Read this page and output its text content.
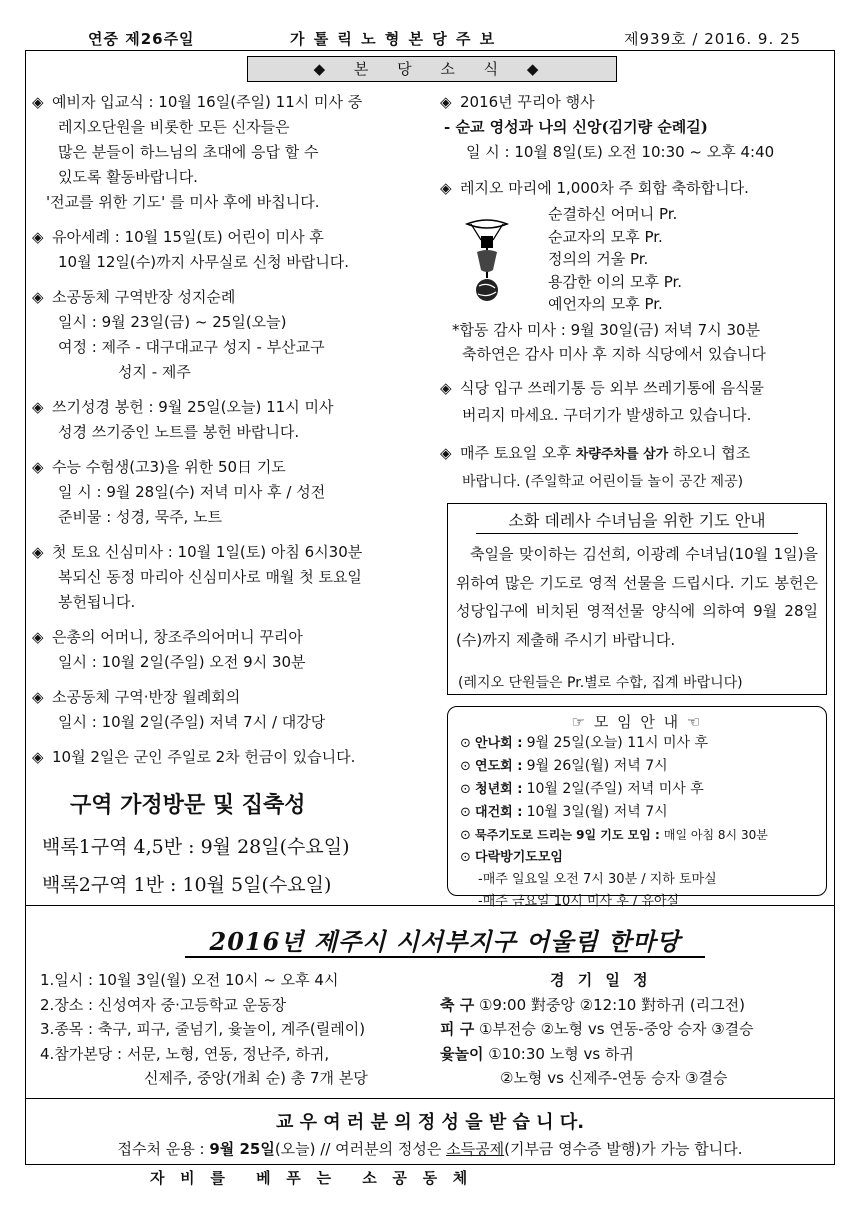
연중 제26주일	가 톨 릭 노 형 본 당 주 보	제939호 / 2016. 9. 25
◆ 본 당 소 식 ◆
◈ 예비자 입교식 : 10월 16일(주일) 11시 미사 중
레지오단원을 비롯한 모든 신자들은
많은 분들이 하느님의 초대에 응답 할 수
있도록 활동바랍니다.
'전교를 위한 기도' 를 미사 후에 바칩니다.
◈ 유아세례 : 10월 15일(토) 어린이 미사 후
10월 12일(수)까지 사무실로 신청 바랍니다.
◈ 소공동체 구역반장 성지순례
일시 : 9월 23일(금) ~ 25일(오늘)
여정 : 제주 - 대구대교구 성지 - 부산교구
성지 - 제주
◈ 쓰기성경 봉헌 : 9월 25일(오늘) 11시 미사
성경 쓰기중인 노트를 봉헌 바랍니다.
◈ 수능 수험생(고3)을 위한 50日 기도
일 시 : 9월 28일(수) 저녁 미사 후 / 성전
준비물 : 성경, 묵주, 노트
◈ 첫 토요 신심미사 : 10월 1일(토) 아침 6시30분
복되신 동정 마리아 신심미사로 매월 첫 토요일
봉헌됩니다.
◈ 은총의 어머니, 창조주의어머니 꾸리아
일시 : 10월 2일(주일) 오전 9시 30분
◈ 소공동체 구역·반장 월례회의
일시 : 10월 2일(주일) 저녁 7시 / 대강당
◈ 10월 2일은 군인 주일로 2차 헌금이 있습니다.
구역 가정방문 및 집축성
백록1구역 4,5반 : 9월 28일(수요일)
백록2구역 1반 : 10월 5일(수요일)
◈ 2016년 꾸리아 행사
- 순교 영성과 나의 신앙(김기량 순례길)
일 시 : 10월 8일(토) 오전 10:30 ~ 오후 4:40
◈ 레지오 마리에 1,000차 주 회합 축하합니다.
순결하신 어머니 Pr.
순교자의 모후 Pr.
정의의 거울 Pr.
용감한 이의 모후 Pr.
예언자의 모후 Pr.
*합동 감사 미사 : 9월 30일(금) 저녁 7시 30분
축하연은 감사 미사 후 지하 식당에서 있습니다
◈ 식당 입구 쓰레기통 등 외부 쓰레기통에 음식물
버리지 마세요. 구더기가 발생하고 있습니다.
◈ 매주 토요일 오후 차량주차를 삼가 하오니 협조
바랍니다. (주일학교 어린이들 놀이 공간 제공)
소화 데레사 수녀님을 위한 기도 안내
축일을 맞이하는 김선희, 이광례 수녀님(10월 1일)을 위하여 많은 기도로 영적 선물을 드립시다. 기도 봉헌은 성당입구에 비치된 영적선물 양식에 의하여 9월 28일(수)까지 제출해 주시기 바랍니다.
(레지오 단원들은 Pr.별로 수합, 집계 바랍니다)
☞ 모 임 안 내 ☜
⊙ 안나회 : 9월 25일(오늘) 11시 미사 후
⊙ 연도회 : 9월 26일(월) 저녁 7시
⊙ 청년회 : 10월 2일(주일) 저녁 미사 후
⊙ 대건회 : 10월 3일(월) 저녁 7시
⊙ 묵주기도로 드리는 9일 기도 모임 : 매일 아침 8시 30분
⊙ 다락방기도모임
-매주 일요일 오전 7시 30분 / 지하 토마실
-매주 금요일 10시 미사 후 / 유아실
2016년 제주시 시서부지구 어울림 한마당
1.일시 : 10월 3일(월) 오전 10시 ~ 오후 4시
2.장소 : 신성여자 중·고등학교 운동장
3.종목 : 축구, 피구, 줄넘기, 윷놀이, 계주(릴레이)
4.참가본당 : 서문, 노형, 연동, 정난주, 하귀,
신제주, 중앙(개최 순) 총 7개 본당
경 기 일 정
축 구 ①9:00 對중앙 ②12:10 對하귀 (리그전)
피 구 ①부전승 ②노형 vs 연동-중앙 승자 ③결승
윷놀이 ①10:30 노형 vs 하귀
②노형 vs 신제주-연동 승자 ③결승
교 우 여 러 분 의 정 성 을 받 습 니 다.
접수처 운용 : 9월 25일(오늘) // 여러분의 정성은 소득공제(기부금 영수증 발행)가 가능 합니다.
자   비   를      베   푸   는      소   공   동   체
